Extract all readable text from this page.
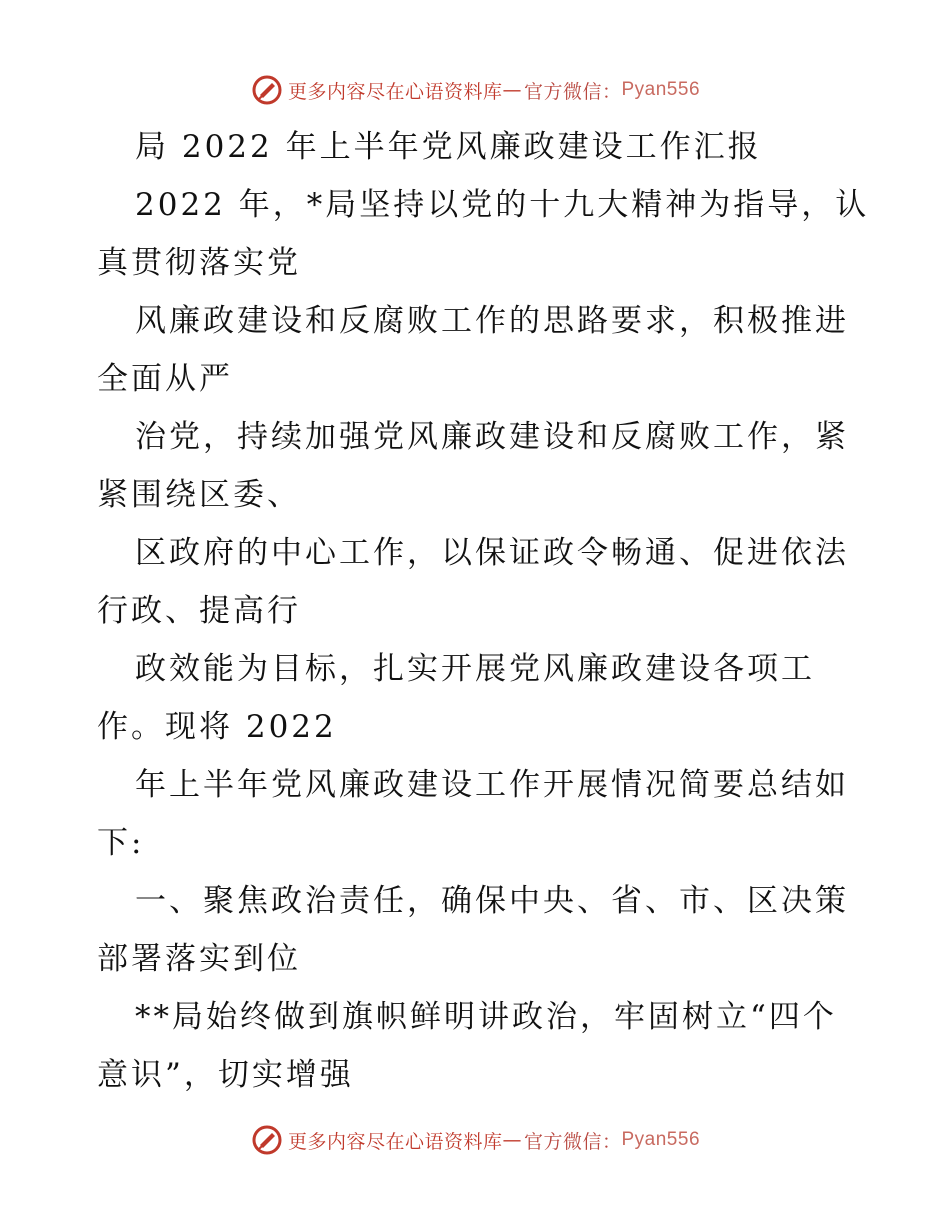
更多内容尽在心语资料库 — 官方微信： Pyan556
局 2022 年上半年党风廉政建设工作汇报
2022 年，*局坚持以党的十九大精神为指导，认
真贯彻落实党
风廉政建设和反腐败工作的思路要求，积极推进
全面从严
治党，持续加强党风廉政建设和反腐败工作，紧
紧围绕区委、
区政府的中心工作，以保证政令畅通、促进依法
行政、提高行
政效能为目标，扎实开展党风廉政建设各项工
作。现将 2022
年上半年党风廉政建设工作开展情况简要总结如
下:
一、聚焦政治责任，确保中央、省、市、区决策
部署落实到位
**局始终做到旗帜鲜明讲政治，牢固树立“四个
意识”，切实增强
更多内容尽在心语资料库 — 官方微信： Pyan556
